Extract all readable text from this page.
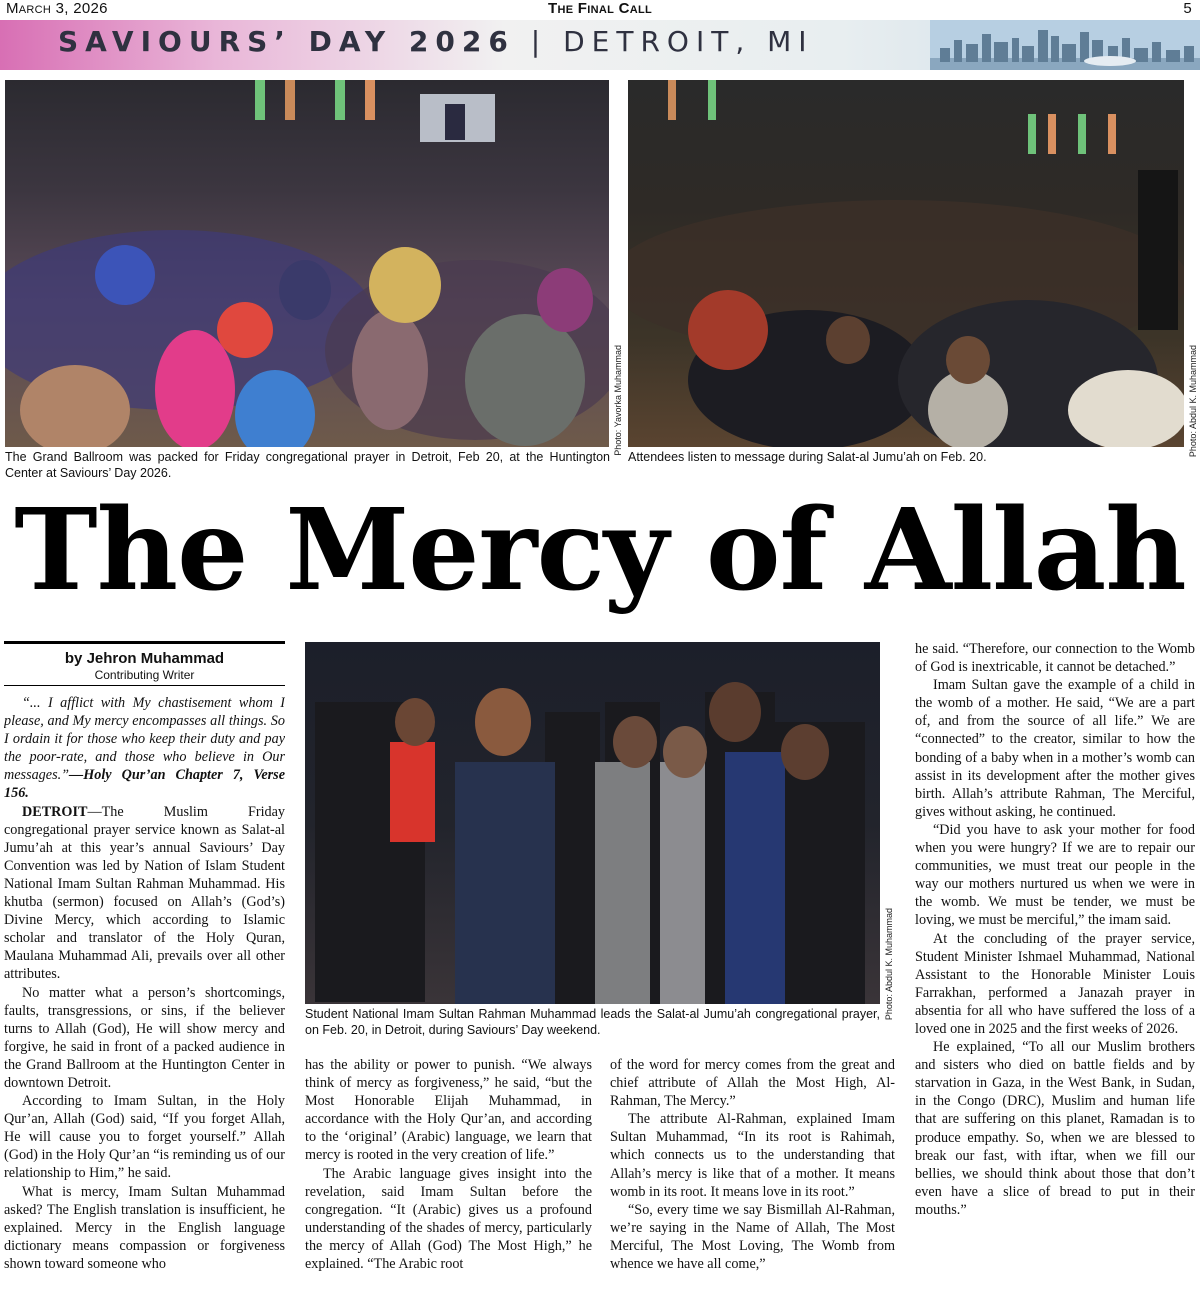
March 3, 2026	The Final Call	5
SAVIOURS’ DAY 2026 | DETROIT, MI
Photo: Yavorka Muhammad
The Grand Ballroom was packed for Friday congregational prayer in Detroit, Feb 20, at the Huntington Center at Saviours’ Day 2026.
Photo: Abdul K. Muhammad
Attendees listen to message during Salat-al Jumu’ah on Feb. 20.
The Mercy of Allah
by Jehron Muhammad
Contributing Writer

“... I afflict with My chastisement whom I please, and My mercy encompasses all things. So I ordain it for those who keep their duty and pay the poor-rate, and those who believe in Our messages.”—Holy Qur’an Chapter 7, Verse 156.

DETROIT—The Muslim Friday congregational prayer service known as Salat-al Jumu’ah at this year’s annual Saviours’ Day Convention was led by Nation of Islam Student National Imam Sultan Rahman Muhammad. His khutba (sermon) focused on Allah’s (God’s) Divine Mercy, which according to Islamic scholar and translator of the Holy Quran, Maulana Muhammad Ali, prevails over all other attributes.

No matter what a person’s shortcomings, faults, transgressions, or sins, if the believer turns to Allah (God), He will show mercy and forgive, he said in front of a packed audience in the Grand Ballroom at the Huntington Center in downtown Detroit.

According to Imam Sultan, in the Holy Qur’an, Allah (God) said, “If you forget Allah, He will cause you to forget yourself.” Allah (God) in the Holy Qur’an “is reminding us of our relationship to Him,” he said.

What is mercy, Imam Sultan Muhammad asked? The English translation is insufficient, he explained. Mercy in the English language dictionary means compassion or forgiveness shown toward someone who

Photo: Abdul K. Muhammad
Student National Imam Sultan Rahman Muhammad leads the Salat-al Jumu’ah congregational prayer, on Feb. 20, in Detroit, during Saviours’ Day weekend.

has the ability or power to punish. “We always think of mercy as forgiveness,” he said, “but the Most Honorable Elijah Muhammad, in accordance with the Holy Qur’an, and according to the ‘original’ (Arabic) language, we learn that mercy is rooted in the very creation of life.”

The Arabic language gives insight into the revelation, said Imam Sultan before the congregation. “It (Arabic) gives us a profound understanding of the shades of mercy, particularly the mercy of Allah (God) The Most High,” he explained. “The Arabic root

of the word for mercy comes from the great and chief attribute of Allah the Most High, Al-Rahman, The Mercy.”

The attribute Al-Rahman, explained Imam Sultan Muhammad, “In its root is Rahimah, which connects us to the understanding that Allah’s mercy is like that of a mother. It means womb in its root. It means love in its root.”

“So, every time we say Bismillah Al-Rahman, we’re saying in the Name of Allah, The Most Merciful, The Most Loving, The Womb from whence we have all come,”

he said. “Therefore, our connection to the Womb of God is inextricable, it cannot be detached.”

Imam Sultan gave the example of a child in the womb of a mother. He said, “We are a part of, and from the source of all life.” We are “connected” to the creator, similar to how the bonding of a baby when in a mother’s womb can assist in its development after the mother gives birth. Allah’s attribute Rahman, The Merciful, gives without asking, he continued.

“Did you have to ask your mother for food when you were hungry? If we are to repair our communities, we must treat our people in the way our mothers nurtured us when we were in the womb. We must be tender, we must be loving, we must be merciful,” the imam said.

At the concluding of the prayer service, Student Minister Ishmael Muhammad, National Assistant to the Honorable Minister Louis Farrakhan, performed a Janazah prayer in absentia for all who have suffered the loss of a loved one in 2025 and the first weeks of 2026.

He explained, “To all our Muslim brothers and sisters who died on battle fields and by starvation in Gaza, in the West Bank, in Sudan, in the Congo (DRC), Muslim and human life that are suffering on this planet, Ramadan is to produce empathy. So, when we are blessed to break our fast, with iftar, when we fill our bellies, we should think about those that don’t even have a slice of bread to put in their mouths.”
